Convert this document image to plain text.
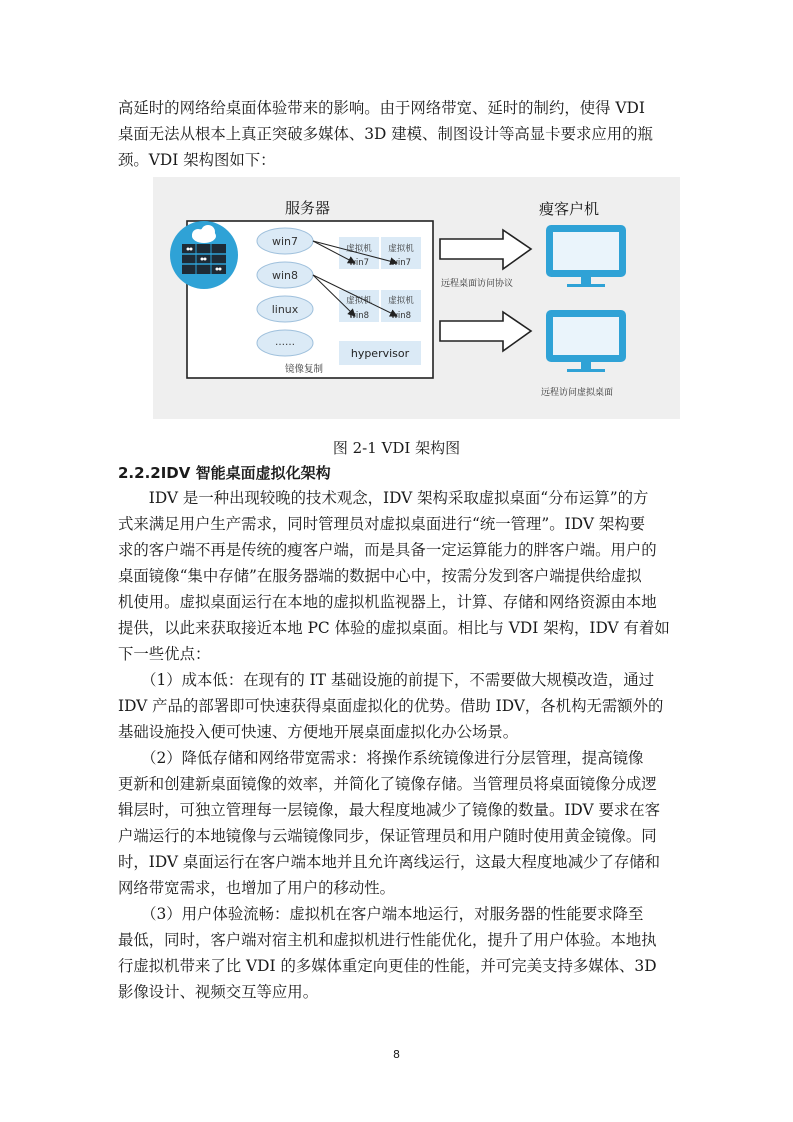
高延时的网络给桌面体验带来的影响。由于网络带宽、延时的制约，使得 VDI
桌面无法从根本上真正突破多媒体、3D 建模、制图设计等高显卡要求应用的瓶
颈。VDI 架构图如下：
服务器
win7
win8
linux
……
虚拟机 虚拟机
win7	win7
虚拟机 虚拟机
win8	win8
hypervisor
镜像复制
远程桌面访问协议
瘦客户机
远程访问虚拟桌面
图 2-1 VDI 架构图
2.2.2IDV 智能桌面虚拟化架构
　　IDV 是一种出现较晚的技术观念，IDV 架构采取虚拟桌面“分布运算”的方
式来满足用户生产需求，同时管理员对虚拟桌面进行“统一管理”。IDV 架构要
求的客户端不再是传统的瘦客户端，而是具备一定运算能力的胖客户端。用户的
桌面镜像“集中存储”在服务器端的数据中心中，按需分发到客户端提供给虚拟
机使用。虚拟桌面运行在本地的虚拟机监视器上，计算、存储和网络资源由本地
提供，以此来获取接近本地 PC 体验的虚拟桌面。相比与 VDI 架构，IDV 有着如
下一些优点：
　　（1）成本低：在现有的 IT 基础设施的前提下，不需要做大规模改造，通过
IDV 产品的部署即可快速获得桌面虚拟化的优势。借助 IDV，各机构无需额外的
基础设施投入便可快速、方便地开展桌面虚拟化办公场景。
　　（2）降低存储和网络带宽需求：将操作系统镜像进行分层管理，提高镜像
更新和创建新桌面镜像的效率，并简化了镜像存储。当管理员将桌面镜像分成逻
辑层时，可独立管理每一层镜像，最大程度地减少了镜像的数量。IDV 要求在客
户端运行的本地镜像与云端镜像同步，保证管理员和用户随时使用黄金镜像。同
时，IDV 桌面运行在客户端本地并且允许离线运行，这最大程度地减少了存储和
网络带宽需求，也增加了用户的移动性。
　　（3）用户体验流畅：虚拟机在客户端本地运行，对服务器的性能要求降至
最低，同时，客户端对宿主机和虚拟机进行性能优化，提升了用户体验。本地执
行虚拟机带来了比 VDI 的多媒体重定向更佳的性能，并可完美支持多媒体、3D
影像设计、视频交互等应用。
8
